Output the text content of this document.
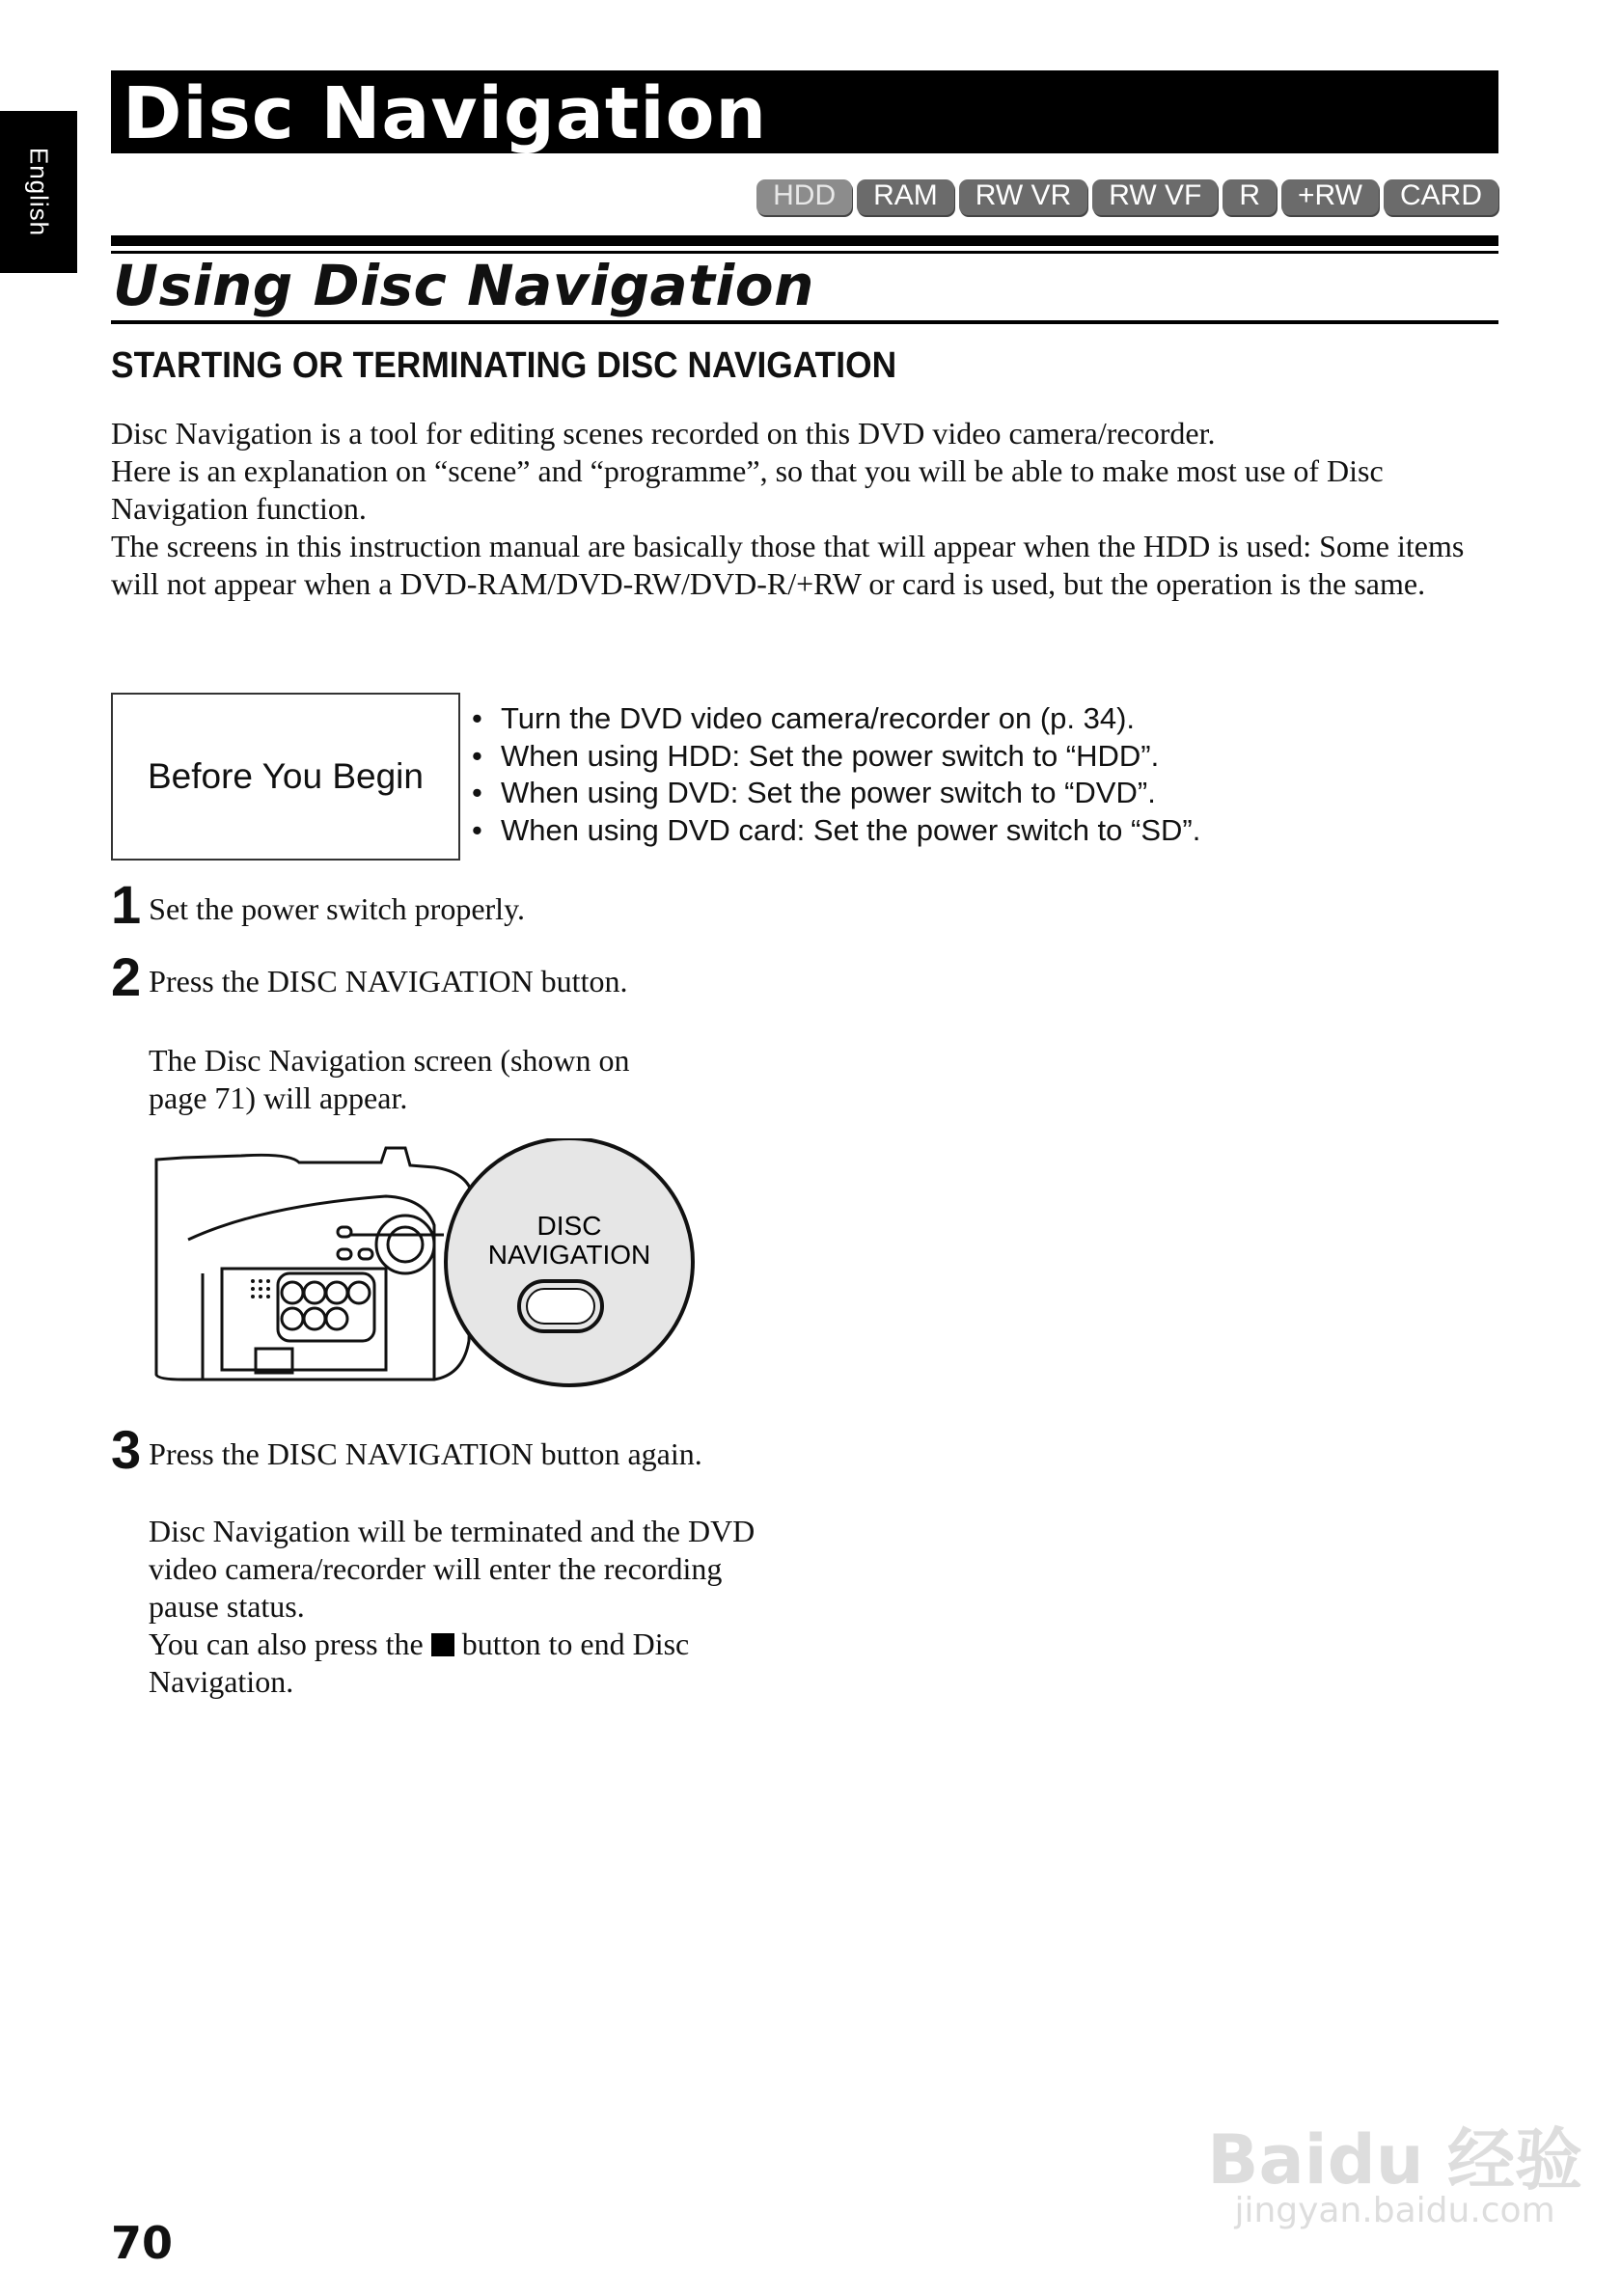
English
Disc Navigation
HDD	RAM	RW VR	RW VF	R	+RW	CARD
Using Disc Navigation
STARTING OR TERMINATING DISC NAVIGATION
Disc Navigation is a tool for editing scenes recorded on this DVD video camera/recorder.
Here is an explanation on “scene” and “programme”, so that you will be able to make most use of Disc Navigation function.
The screens in this instruction manual are basically those that will appear when the HDD is used: Some items will not appear when a DVD-RAM/DVD-RW/DVD-R/+RW or card is used, but the operation is the same.
Before You Begin
• Turn the DVD video camera/recorder on (p. 34).
• When using HDD: Set the power switch to “HDD”.
• When using DVD: Set the power switch to “DVD”.
• When using DVD card: Set the power switch to “SD”.
1 Set the power switch properly.
2 Press the DISC NAVIGATION button.
The Disc Navigation screen (shown on page 71) will appear.
DISC
NAVIGATION
3 Press the DISC NAVIGATION button again.
Disc Navigation will be terminated and the DVD video camera/recorder will enter the recording pause status.
You can also press the button to end Disc Navigation.
70
Baidu 经验
jingyan.baidu.com
